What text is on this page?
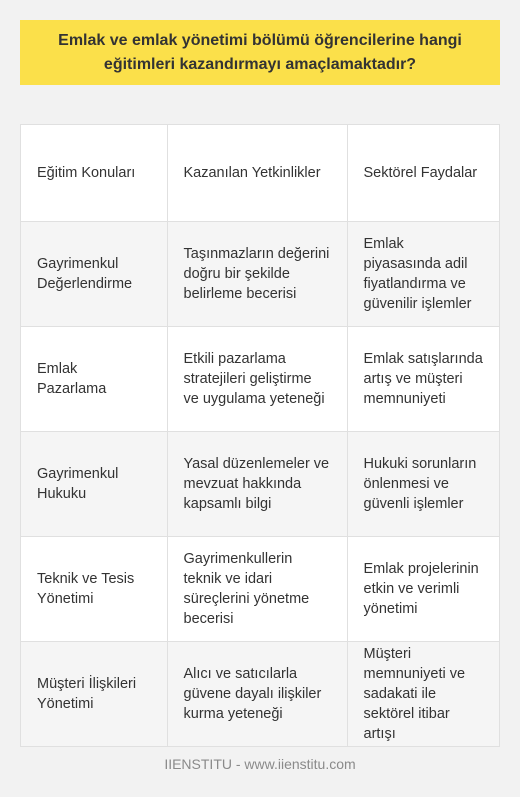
Emlak ve emlak yönetimi bölümü öğrencilerine hangi eğitimleri kazandırmayı amaçlamaktadır?
Eğitim Konuları	Kazanılan Yetkinlikler	Sektörel Faydalar
Gayrimenkul Değerlendirme	Taşınmazların değerini doğru bir şekilde belirleme becerisi	Emlak piyasasında adil fiyatlandırma ve güvenilir işlemler
Emlak Pazarlama	Etkili pazarlama stratejileri geliştirme ve uygulama yeteneği	Emlak satışlarında artış ve müşteri memnuniyeti
Gayrimenkul Hukuku	Yasal düzenlemeler ve mevzuat hakkında kapsamlı bilgi	Hukuki sorunların önlenmesi ve güvenli işlemler
Teknik ve Tesis Yönetimi	Gayrimenkullerin teknik ve idari süreçlerini yönetme becerisi	Emlak projelerinin etkin ve verimli yönetimi
Müşteri İlişkileri Yönetimi	Alıcı ve satıcılarla güvene dayalı ilişkiler kurma yeteneği	Müşteri memnuniyeti ve sadakati ile sektörel itibar artışı
IIENSTITU - www.iienstitu.com
